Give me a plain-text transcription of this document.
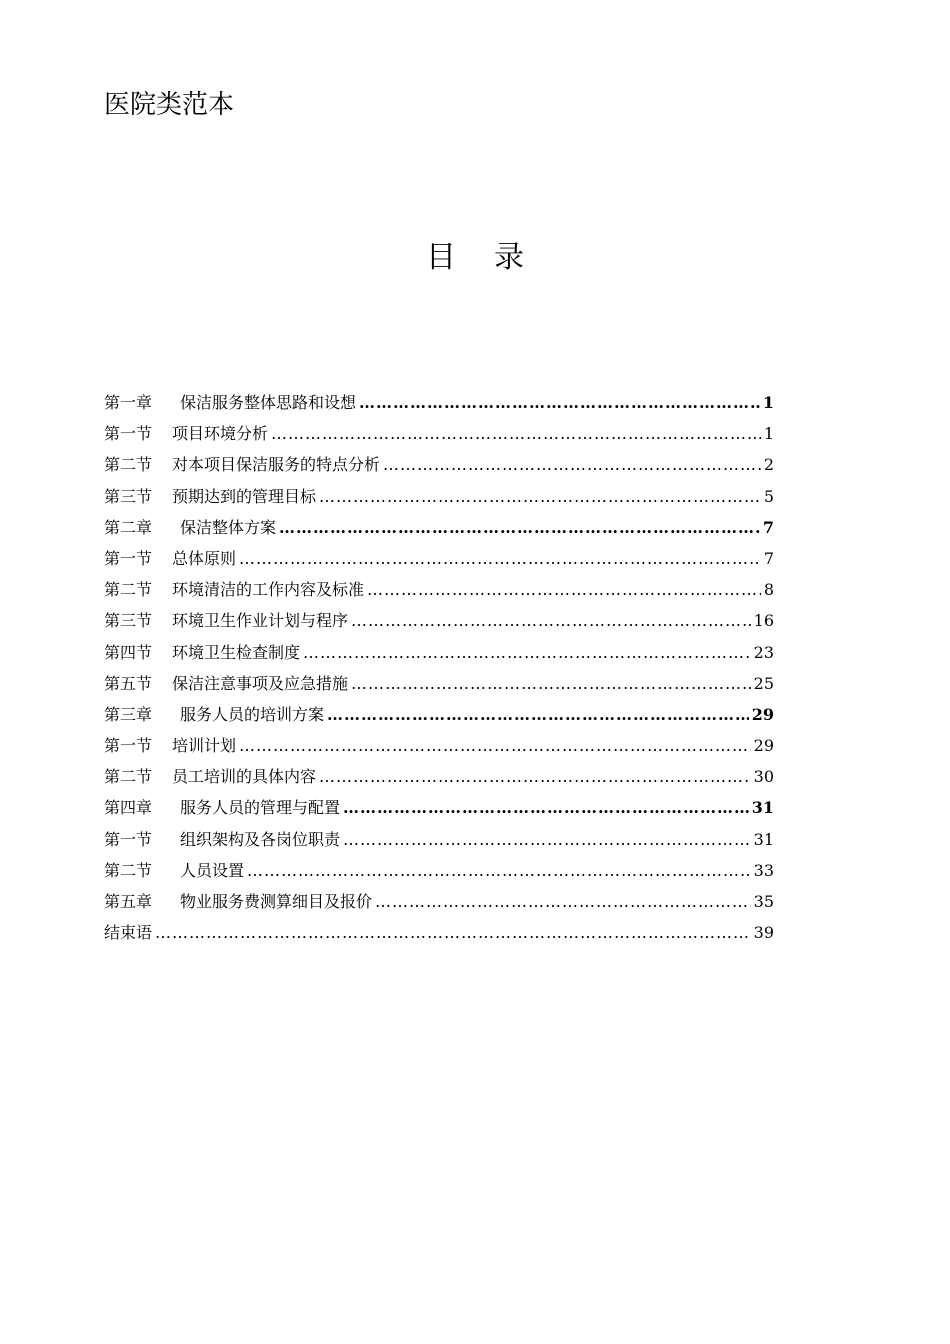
医院类范本
目录
第一章	保洁服务整体思路和设想 ……………………………………………………………………………………………………………………………………………………………………………………	1
第一节	项目环境分析 ……………………………………………………………………………………………………………………………………………………………………………………	1
第二节	对本项目保洁服务的特点分析 ……………………………………………………………………………………………………………………………………………………………………………………	2
第三节	预期达到的管理目标 ……………………………………………………………………………………………………………………………………………………………………………………	5
第二章	保洁整体方案 ……………………………………………………………………………………………………………………………………………………………………………………	7
第一节	总体原则 ……………………………………………………………………………………………………………………………………………………………………………………	7
第二节	环境清洁的工作内容及标准 ……………………………………………………………………………………………………………………………………………………………………………………	8
第三节	环境卫生作业计划与程序 ……………………………………………………………………………………………………………………………………………………………………………………	16
第四节	环境卫生检查制度 ……………………………………………………………………………………………………………………………………………………………………………………	23
第五节	保洁注意事项及应急措施 ……………………………………………………………………………………………………………………………………………………………………………………	25
第三章	服务人员的培训方案 ……………………………………………………………………………………………………………………………………………………………………………………	29
第一节	培训计划 ……………………………………………………………………………………………………………………………………………………………………………………	29
第二节	员工培训的具体内容 ……………………………………………………………………………………………………………………………………………………………………………………	30
第四章	服务人员的管理与配置 ……………………………………………………………………………………………………………………………………………………………………………………	31
第一节	组织架构及各岗位职责 ……………………………………………………………………………………………………………………………………………………………………………………	31
第二节	人员设置 ……………………………………………………………………………………………………………………………………………………………………………………	33
第五章	物业服务费测算细目及报价 ……………………………………………………………………………………………………………………………………………………………………………………	35
结束语 ……………………………………………………………………………………………………………………………………………………………………………………	39
